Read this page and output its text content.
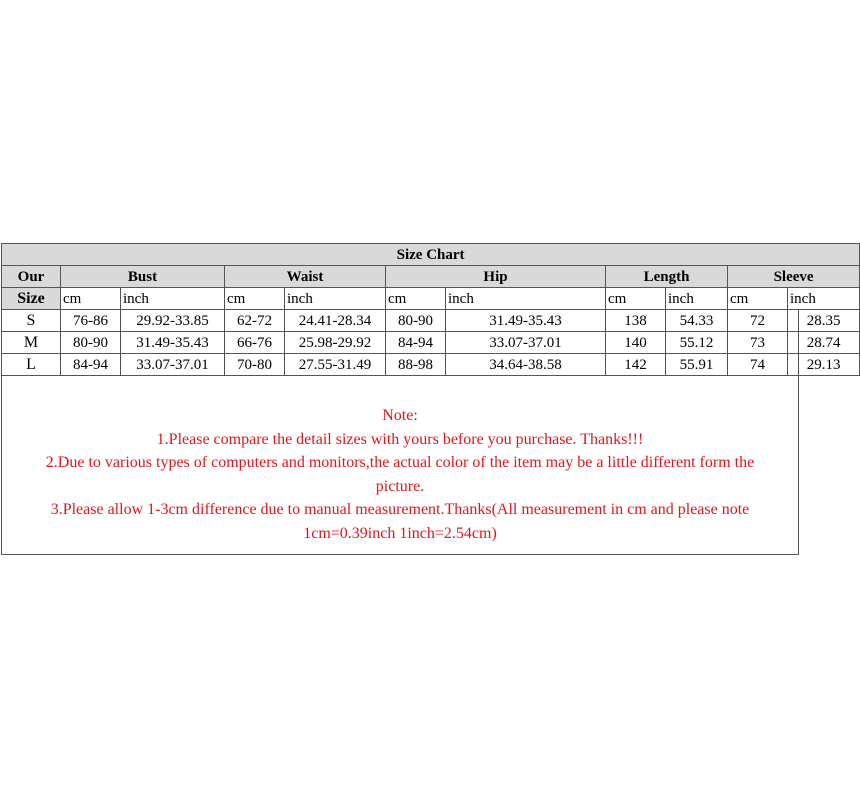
Size Chart										
Our	Bust		Waist		Hip		Length		Sleeve	
Size	cm	inch	cm	inch	cm	inch	cm	inch	cm	inch
S	76-86	29.92-33.85	62-72	24.41-28.34	80-90	31.49-35.43	138	54.33	72	28.35
M	80-90	31.49-35.43	66-76	25.98-29.92	84-94	33.07-37.01	140	55.12	73	28.74
L	84-94	33.07-37.01	70-80	27.55-31.49	88-98	34.64-38.58	142	55.91	74	29.13
Note:
1.Please compare the detail sizes with yours before you purchase. Thanks!!!
2.Due to various types of computers and monitors,the actual color of the item may be a little different form the
picture.
3.Please allow 1-3cm difference due to manual measurement.Thanks(All measurement in cm and please note
1cm=0.39inch 1inch=2.54cm)
